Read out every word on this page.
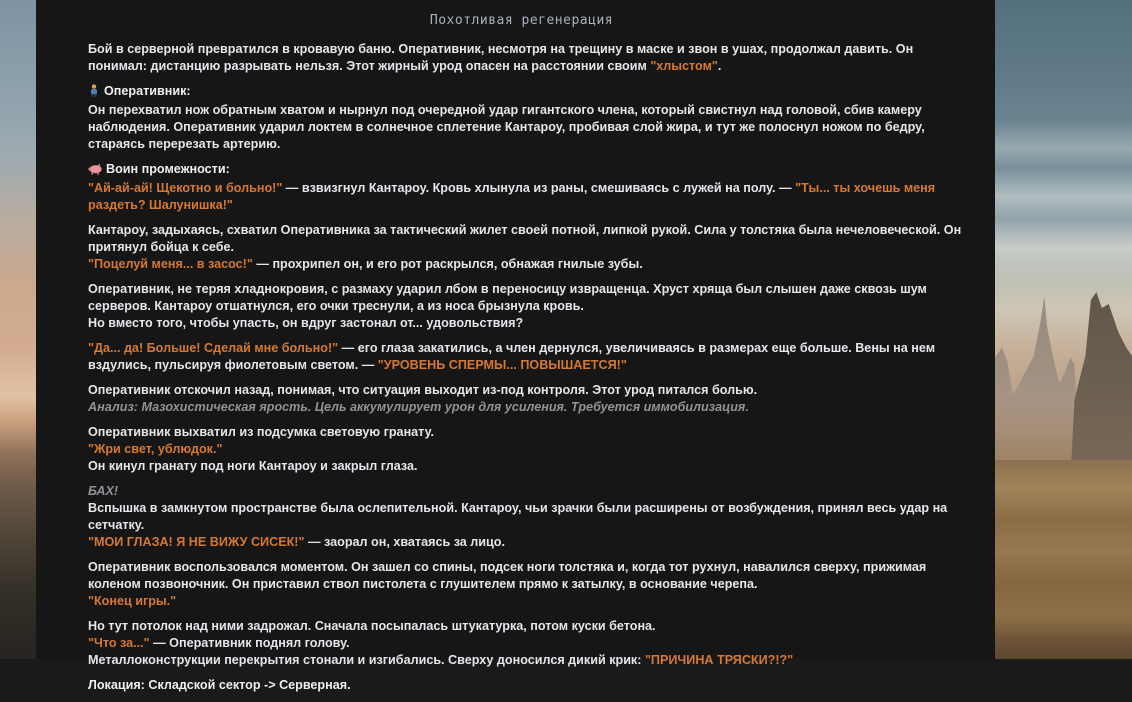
Похотливая регенерация
Бой в серверной превратился в кровавую баню. Оперативник, несмотря на трещину в маске и звон в ушах, продолжал давить. Он понимал: дистанцию разрывать нельзя. Этот жирный урод опасен на расстоянии своим "хлыстом".
Оперативник:
Он перехватил нож обратным хватом и нырнул под очередной удар гигантского члена, который свистнул над головой, сбив камеру наблюдения. Оперативник ударил локтем в солнечное сплетение Кантароу, пробивая слой жира, и тут же полоснул ножом по бедру, стараясь перерезать артерию.
Воин промежности:
"Ай-ай-ай! Щекотно и больно!" — взвизгнул Кантароу. Кровь хлынула из раны, смешиваясь с лужей на полу. — "Ты... ты хочешь меня раздеть? Шалунишка!"
Кантароу, задыхаясь, схватил Оперативника за тактический жилет своей потной, липкой рукой. Сила у толстяка была нечеловеческой. Он притянул бойца к себе.
"Поцелуй меня... в засос!" — прохрипел он, и его рот раскрылся, обнажая гнилые зубы.
Оперативник, не теряя хладнокровия, с размаху ударил лбом в переносицу извращенца. Хруст хряща был слышен даже сквозь шум серверов. Кантароу отшатнулся, его очки треснули, а из носа брызнула кровь.
Но вместо того, чтобы упасть, он вдруг застонал от... удовольствия?
"Да... да! Больше! Сделай мне больно!" — его глаза закатились, а член дернулся, увеличиваясь в размерах еще больше. Вены на нем вздулись, пульсируя фиолетовым светом. — "УРОВЕНЬ СПЕРМЫ... ПОВЫШАЕТСЯ!"
Оперативник отскочил назад, понимая, что ситуация выходит из-под контроля. Этот урод питался болью.
Анализ: Мазохистическая ярость. Цель аккумулирует урон для усиления. Требуется иммобилизация.
Оперативник выхватил из подсумка световую гранату.
"Жри свет, ублюдок."
Он кинул гранату под ноги Кантароу и закрыл глаза.
БАХ!
Вспышка в замкнутом пространстве была ослепительной. Кантароу, чьи зрачки были расширены от возбуждения, принял весь удар на сетчатку.
"МОИ ГЛАЗА! Я НЕ ВИЖУ СИСЕК!" — заорал он, хватаясь за лицо.
Оперативник воспользовался моментом. Он зашел со спины, подсек ноги толстяка и, когда тот рухнул, навалился сверху, прижимая коленом позвоночник. Он приставил ствол пистолета с глушителем прямо к затылку, в основание черепа.
"Конец игры."
Но тут потолок над ними задрожал. Сначала посыпалась штукатурка, потом куски бетона.
"Что за..." — Оперативник поднял голову.
Металлоконструкции перекрытия стонали и изгибались. Сверху доносился дикий крик: "ПРИЧИНА ТРЯСКИ?!?"
Локация: Складской сектор -> Серверная.
